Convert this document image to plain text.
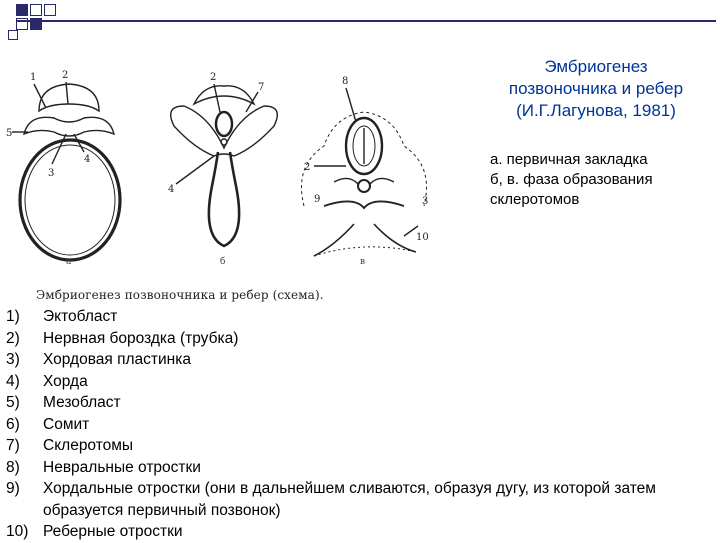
Эмбриогенез
позвоночника и ребер
(И.Г.Лагунова, 1981)
а. первичная закладка
б, в. фаза образования
склеротомов
1	2
3
4
5
а
2
7
4
б
8
2
9
10
3
в
Эмбриогенез позвоночника и ребер (схема).
1)	Эктобласт
2)	Нервная бороздка (трубка)
3)	Хордовая пластинка
4)	Хорда
5)	Мезобласт
6)	Сомит
7)	Склеротомы
8)	Невральные отростки
9)	Хордальные отростки (они в дальнейшем сливаются, образуя дугу, из которой затем образуется первичный позвонок)
10) Реберные отростки
